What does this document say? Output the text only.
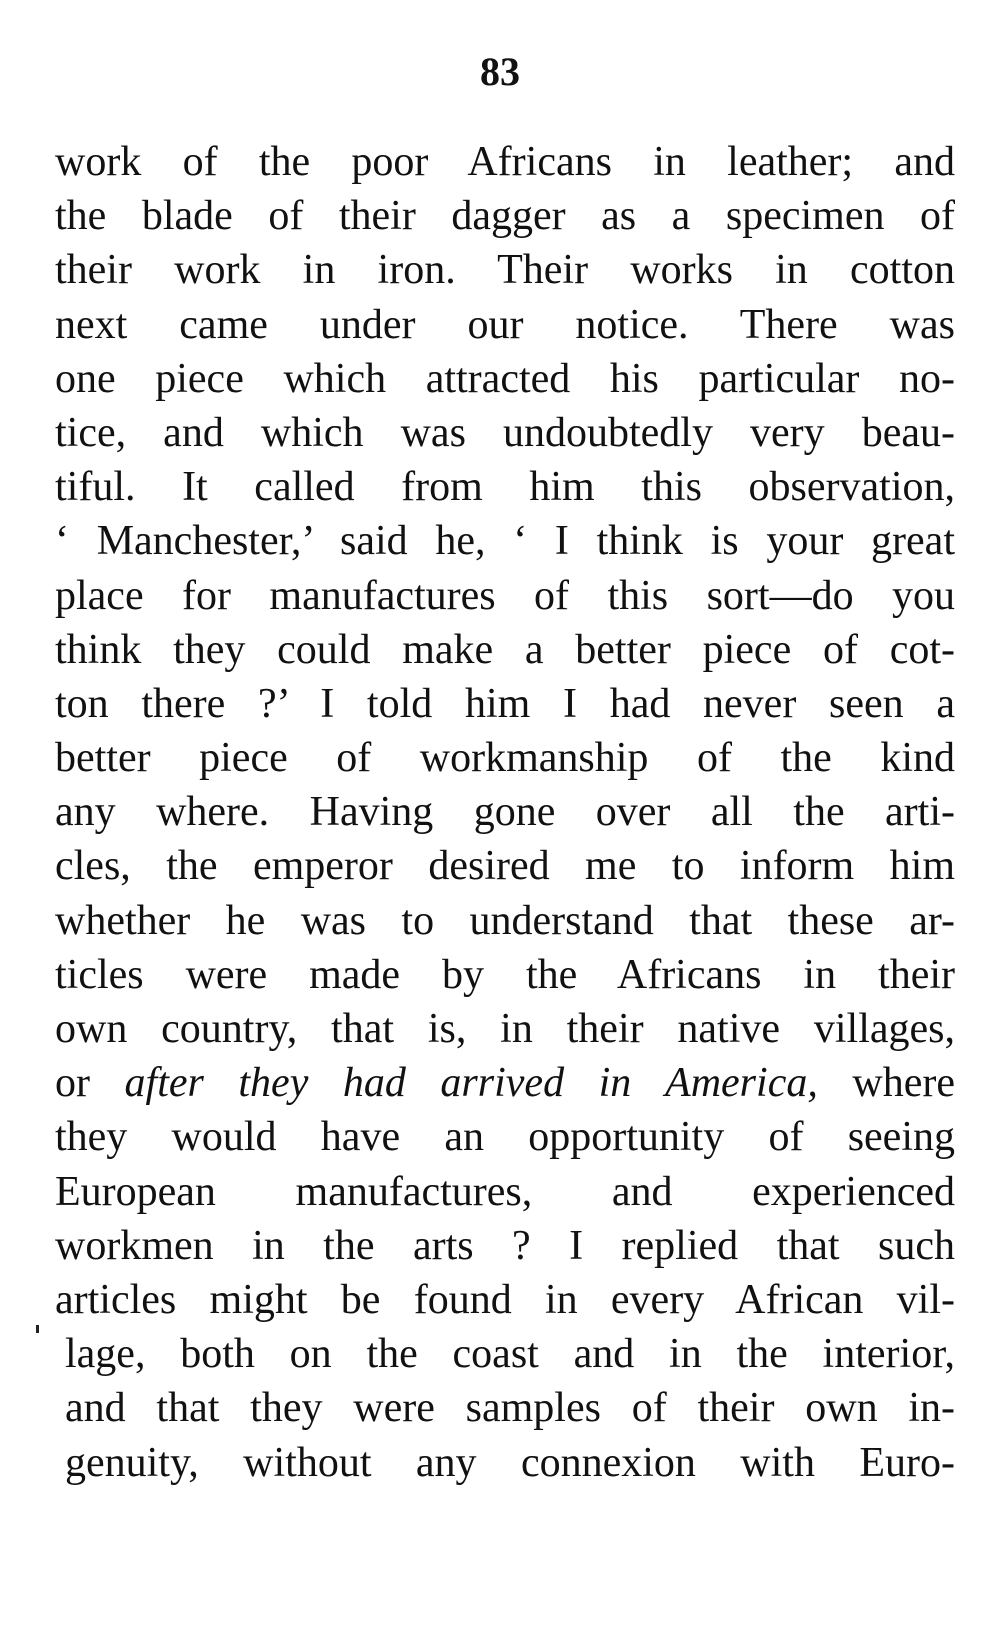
83
work of the poor Africans in leather; and
the blade of their dagger as a specimen of
their work in iron. Their works in cotton
next came under our notice. There was
one piece which attracted his particular no-
tice, and which was undoubtedly very beau-
tiful. It called from him this observation,
‘ Manchester,’ said he, ‘ I think is your great
place for manufactures of this sort—do you
think they could make a better piece of cot-
ton there ?’ I told him I had never seen a
better piece of workmanship of the kind
any where. Having gone over all the arti-
cles, the emperor desired me to inform him
whether he was to understand that these ar-
ticles were made by the Africans in their
own country, that is, in their native villages,
or after they had arrived in America, where
they would have an opportunity of seeing
European manufactures, and experienced
workmen in the arts ? I replied that such
articles might be found in every African vil-
lage, both on the coast and in the interior,
and that they were samples of their own in-
genuity, without any connexion with Euro-
